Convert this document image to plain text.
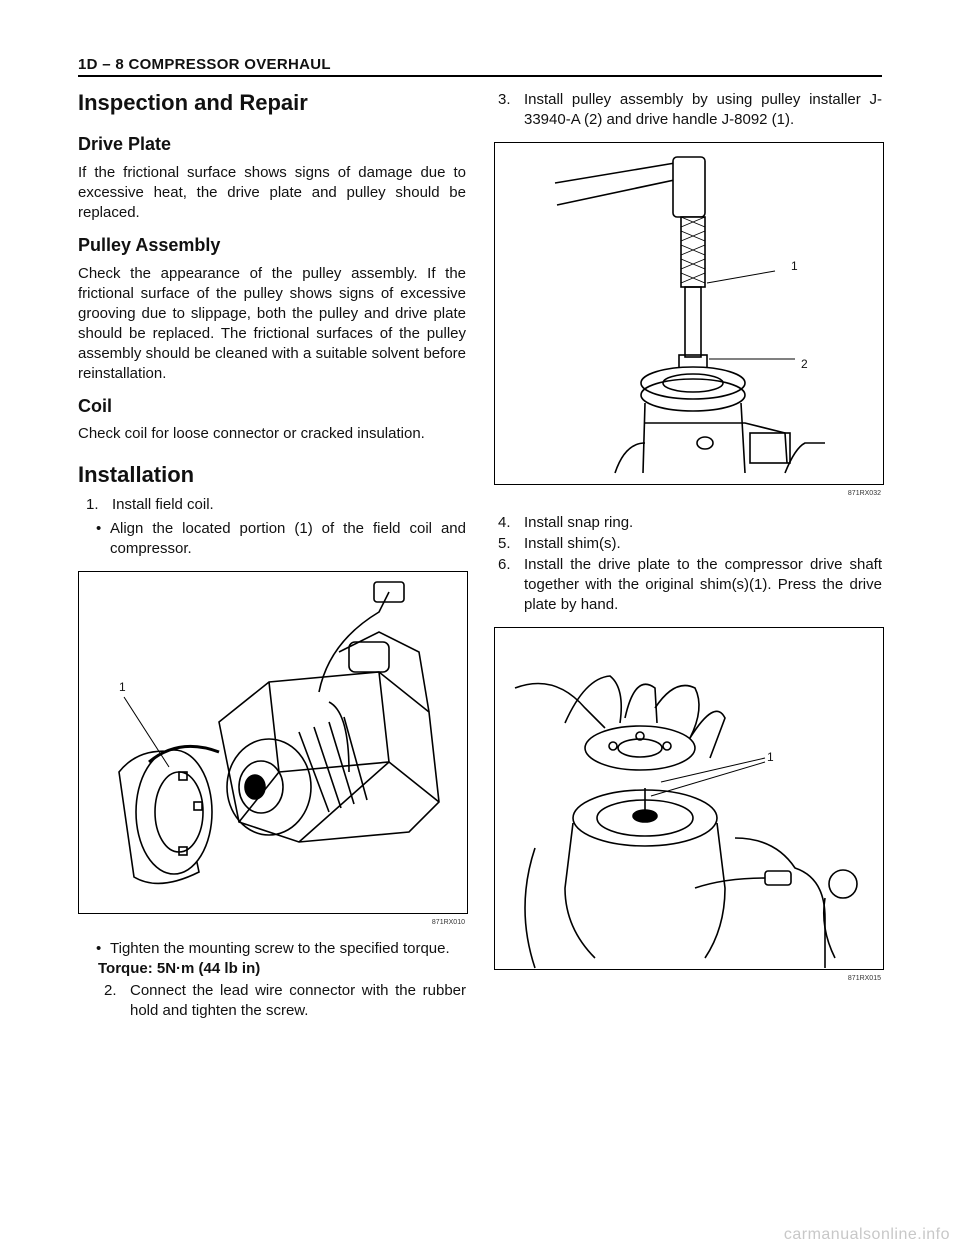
1D – 8 COMPRESSOR OVERHAUL
Inspection and Repair
Drive Plate

If the frictional surface shows signs of damage due to excessive heat, the drive plate and pulley should be replaced.

Pulley Assembly

Check the appearance of the pulley assembly. If the frictional surface of the pulley shows signs of excessive grooving due to slippage, both the pulley and drive plate should be replaced. The frictional surfaces of the pulley assembly should be cleaned with a suitable solvent before reinstallation.

Coil

Check coil for loose connector or cracked insulation.

Installation
1. Install field coil.
• Align the located portion (1) of the field coil and compressor.
1
871RX010
• Tighten the mounting screw to the specified torque.
Torque: 5N·m (44 lb in)
2. Connect the lead wire connector with the rubber hold and tighten the screw.
3. Install pulley assembly by using pulley installer J-33940-A (2) and drive handle J-8092 (1).
1
2
871RX032
4. Install snap ring.
5. Install shim(s).
6. Install the drive plate to the compressor drive shaft together with the original shim(s)(1). Press the drive plate by hand.
1
871RX015
carmanualsonline.info
